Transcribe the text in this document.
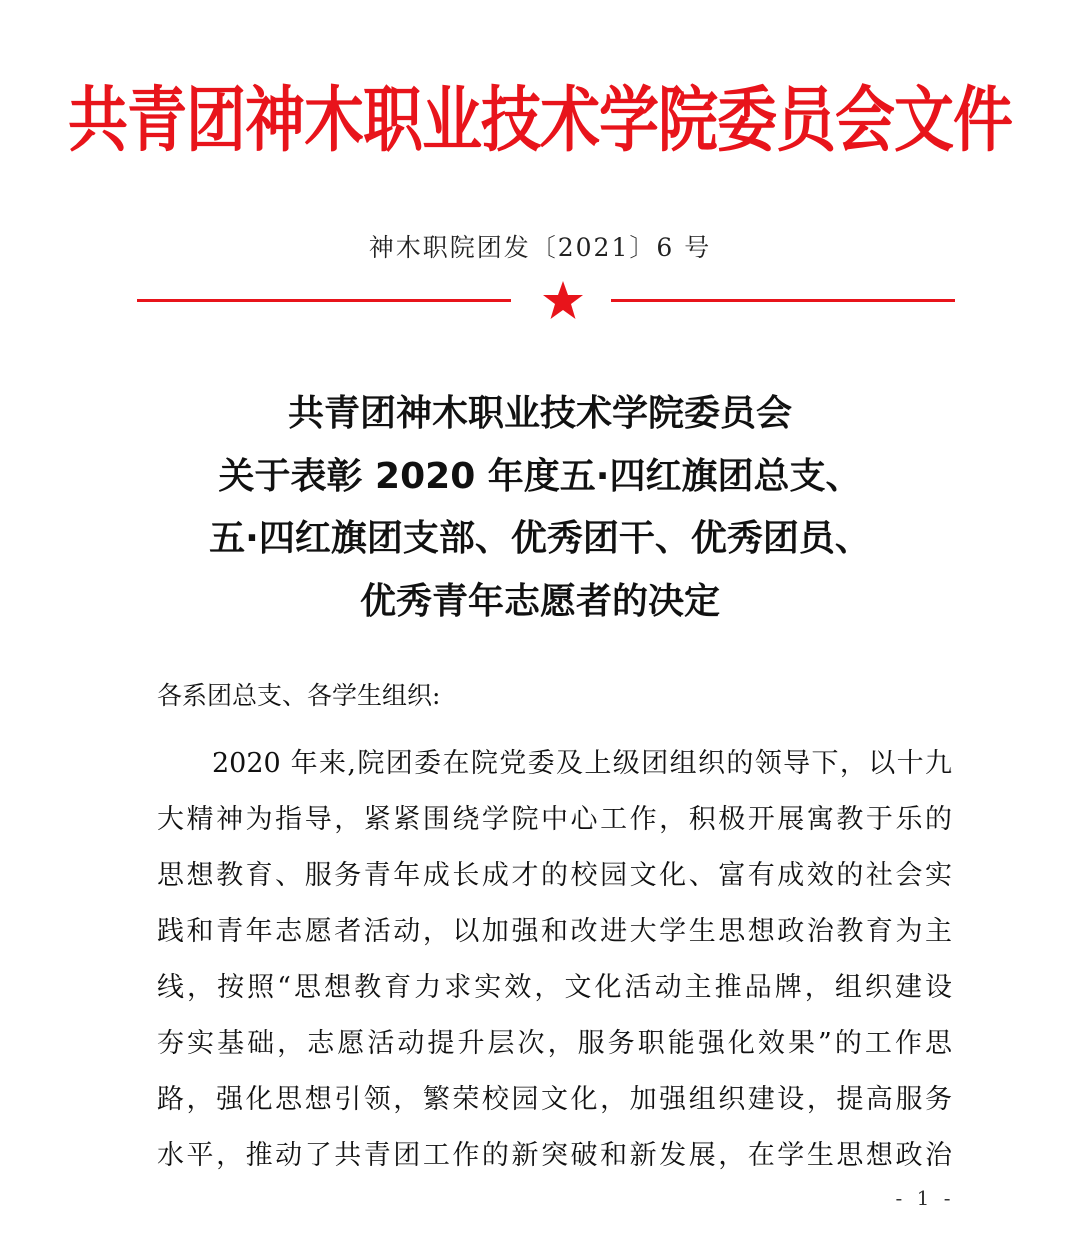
共青团神木职业技术学院委员会文件
神木职院团发〔2021〕6 号
共青团神木职业技术学院委员会
关于表彰 2020 年度五·四红旗团总支、
五·四红旗团支部、优秀团干、优秀团员、
优秀青年志愿者的决定
各系团总支、各学生组织:
2020 年来,院团委在院党委及上级团组织的领导下，以十九
大精神为指导，紧紧围绕学院中心工作，积极开展寓教于乐的
思想教育、服务青年成长成才的校园文化、富有成效的社会实
践和青年志愿者活动，以加强和改进大学生思想政治教育为主
线，按照“思想教育力求实效，文化活动主推品牌，组织建设
夯实基础，志愿活动提升层次，服务职能强化效果”的工作思
路，强化思想引领，繁荣校园文化，加强组织建设，提高服务
水平，推动了共青团工作的新突破和新发展，在学生思想政治
- 1 -
